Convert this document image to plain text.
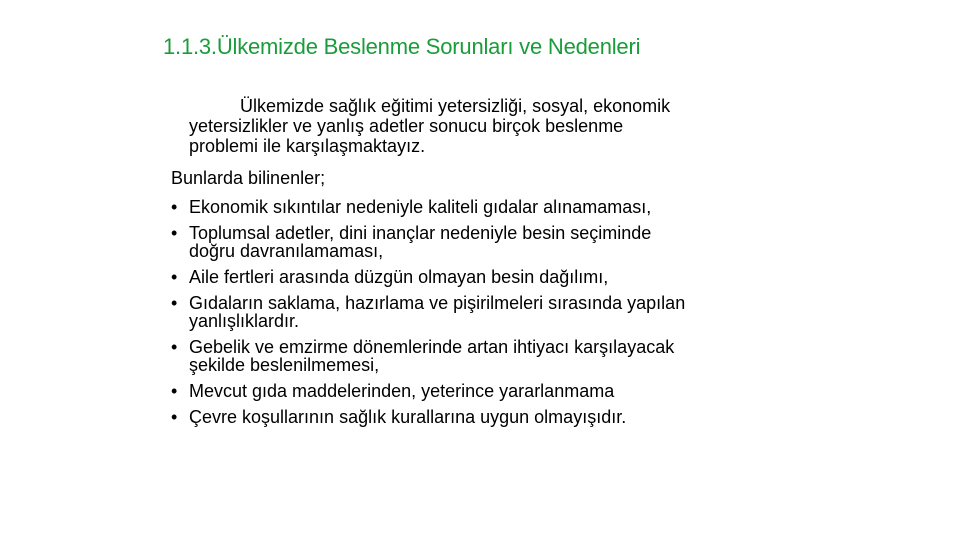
1.1.3.Ülkemizde Beslenme Sorunları ve Nedenleri
Ülkemizde sağlık eğitimi yetersizliği, sosyal, ekonomik
yetersizlikler ve yanlış adetler sonucu birçok beslenme
problemi ile karşılaşmaktayız.
Bunlarda bilinenler;
• Ekonomik sıkıntılar nedeniyle kaliteli gıdalar alınamaması,
• Toplumsal adetler, dini inançlar nedeniyle besin seçiminde
doğru davranılamaması,
• Aile fertleri arasında düzgün olmayan besin dağılımı,
• Gıdaların saklama, hazırlama ve pişirilmeleri sırasında yapılan
yanlışlıklardır.
• Gebelik ve emzirme dönemlerinde artan ihtiyacı karşılayacak
şekilde beslenilmemesi,
• Mevcut gıda maddelerinden, yeterince yararlanmama
• Çevre koşullarının sağlık kurallarına uygun olmayışıdır.
